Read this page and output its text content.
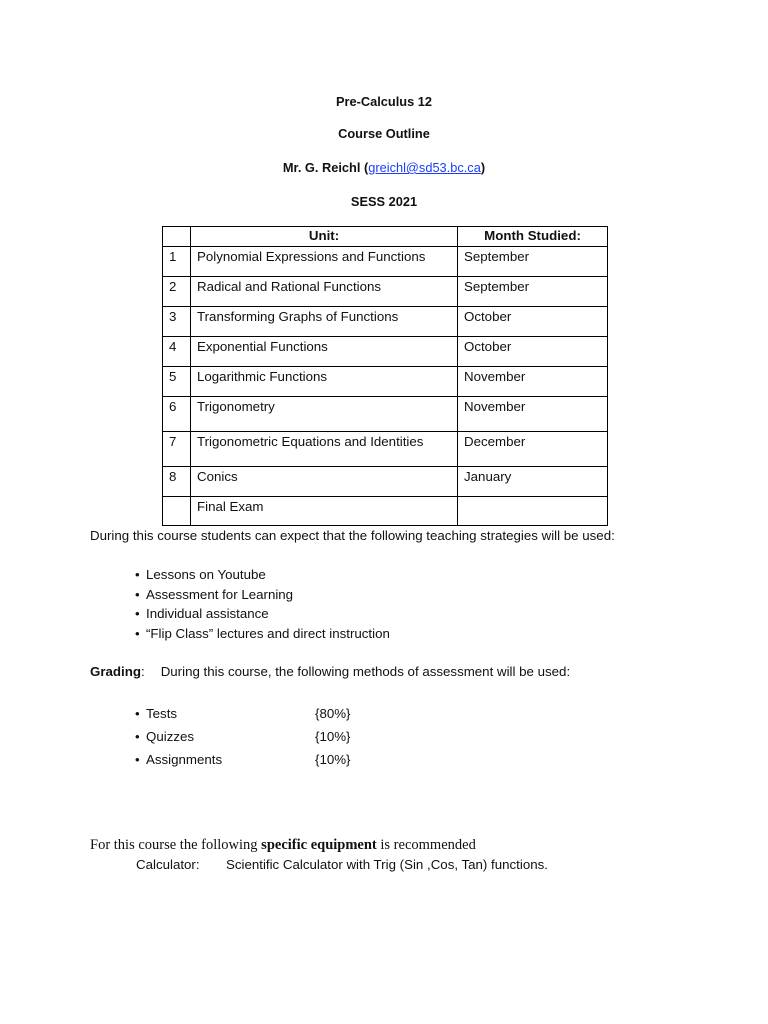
Pre-Calculus 12
Course Outline
Mr. G. Reichl (greichl@sd53.bc.ca)
SESS 2021
	Unit:	Month Studied:
1	Polynomial Expressions and Functions	September
2	Radical and Rational Functions	September
3	Transforming Graphs of Functions	October
4	Exponential Functions	October
5	Logarithmic Functions	November
6	Trigonometry	November
7	Trigonometric Equations and Identities	December
8	Conics	January
	Final Exam	
During this course students can expect that the following teaching strategies will be used:
• Lessons on Youtube
• Assessment for Learning
• Individual assistance
• “Flip Class” lectures and direct instruction
Grading: During this course, the following methods of assessment will be used:
• Tests	{80%}
• Quizzes	{10%}
• Assignments	{10%}
For this course the following specific equipment is recommended
Calculator: Scientific Calculator with Trig (Sin ,Cos, Tan) functions.
